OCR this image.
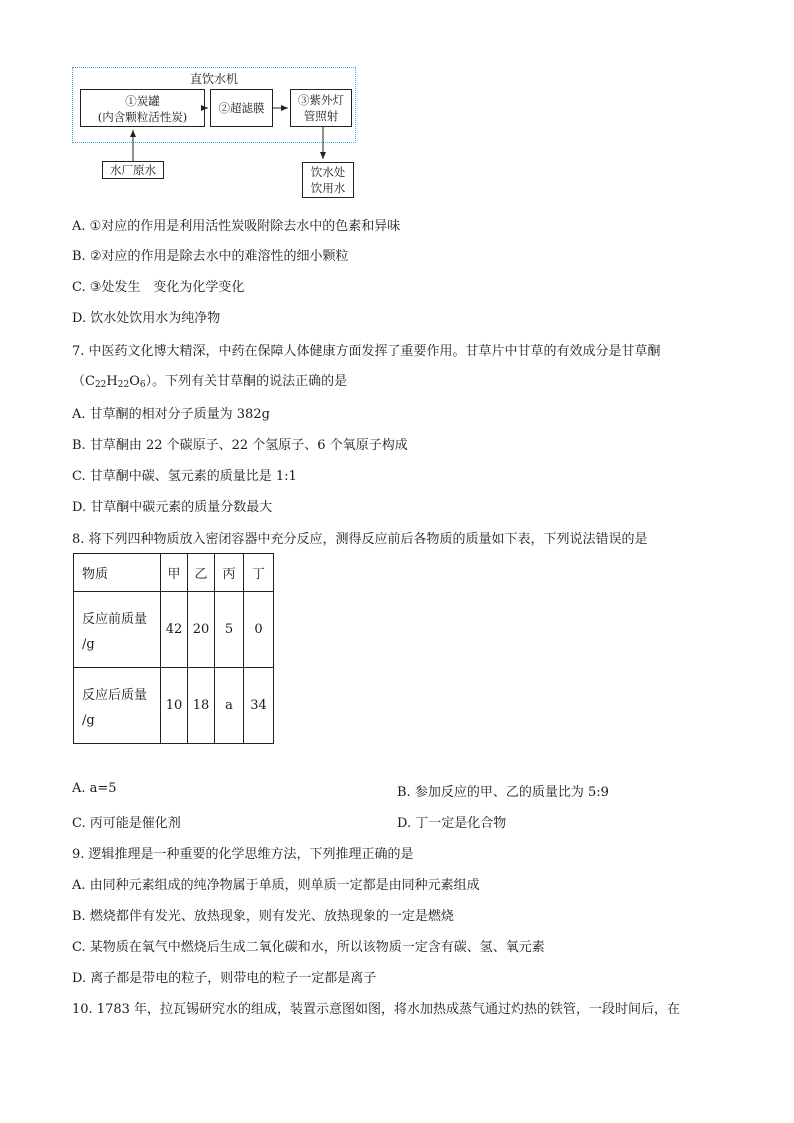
直饮水机
①炭罐
(内含颗粒活性炭)
②超滤膜
③紫外灯
管照射
水厂原水	饮水处
饮用水
A. ①对应的作用是利用活性炭吸附除去水中的色素和异味
B. ②对应的作用是除去水中的难溶性的细小颗粒
C. ③处发生　变化为化学变化
D. 饮水处饮用水为纯净物
7. 中医药文化博大精深，中药在保障人体健康方面发挥了重要作用。甘草片中甘草的有效成分是甘草酮
$(C_{22}H_{22}O_6)$。下列有关甘草酮的说法正确的是
A. 甘草酮的相对分子质量为 382g
B. 甘草酮由 22 个碳原子、22 个氢原子、6 个氧原子构成
C. 甘草酮中碳、氢元素的质量比是 1:1
D. 甘草酮中碳元素的质量分数最大
8. 将下列四种物质放入密闭容器中充分反应，测得反应前后各物质的质量如下表，下列说法错误的是
物质	甲	乙	丙	丁

反应前质量
/g	42	20	5	0

反应后质量
/g	10	18	a	34
A. a=5	B. 参加反应的甲、乙的质量比为 5:9
C. 丙可能是催化剂	D. 丁一定是化合物
9. 逻辑推理是一种重要的化学思维方法，下列推理正确的是
A. 由同种元素组成的纯净物属于单质，则单质一定都是由同种元素组成
B. 燃烧都伴有发光、放热现象，则有发光、放热现象的一定是燃烧
C. 某物质在氧气中燃烧后生成二氧化碳和水，所以该物质一定含有碳、氢、氧元素
D. 离子都是带电的粒子，则带电的粒子一定都是离子
10. 1783 年，拉瓦锡研究水的组成，装置示意图如图，将水加热成蒸气通过灼热的铁管，一段时间后，在
